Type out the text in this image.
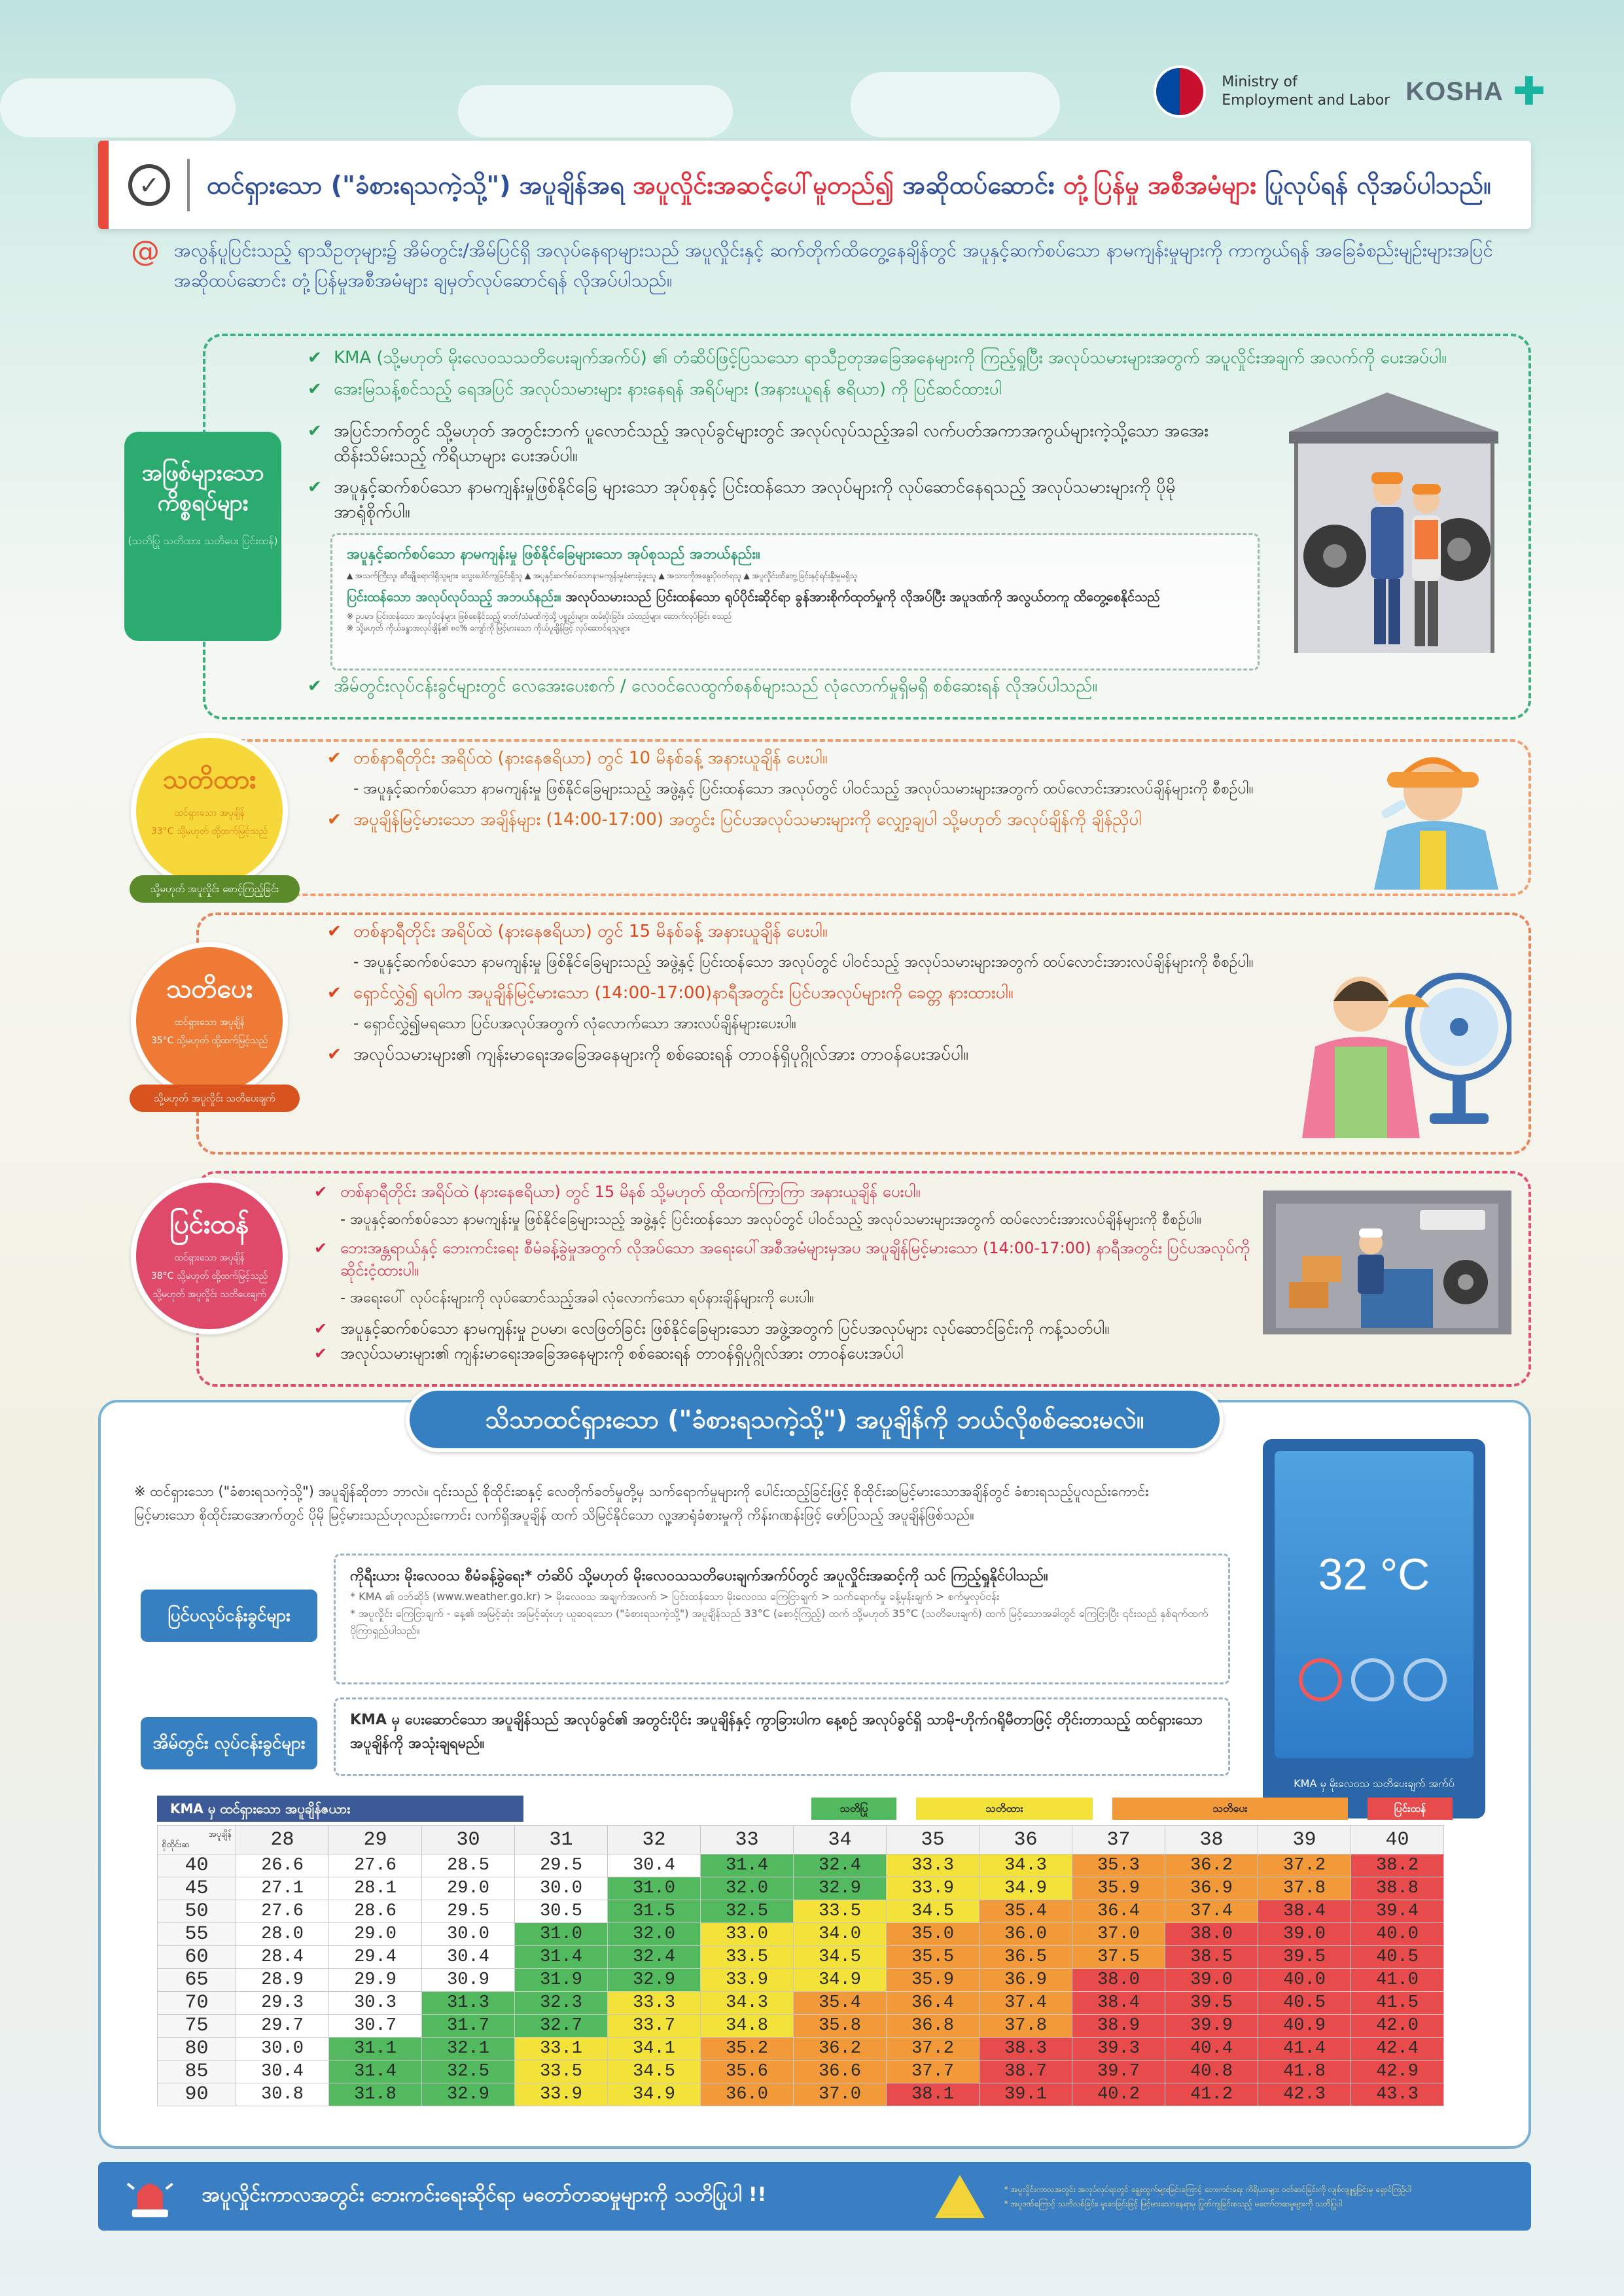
Ministry of
Employment and Labor KOSHA ✚
✓	ထင်ရှားသော ("ခံစားရသကဲ့သို့") အပူချိန်အရ အပူလှိုင်းအဆင့်ပေါ်မူတည်၍ အဆိုထပ်ဆောင်း တုံ့ပြန်မှု အစီအမံများ ပြုလုပ်ရန် လိုအပ်ပါသည်။
@ အလွန်ပူပြင်းသည့် ရာသီဥတုများ၌ အိမ်တွင်း/အိမ်ပြင်ရှိ အလုပ်နေရာများသည် အပူလှိုင်းနှင့် ဆက်တိုက်ထိတွေ့နေချိန်တွင် အပူနှင့်ဆက်စပ်သော နာမကျန်းမှုများကို ကာကွယ်ရန် အခြေခံစည်းမျဉ်းများအပြင် အဆိုထပ်ဆောင်း တုံ့ပြန်မှုအစီအမံများ ချမှတ်လုပ်ဆောင်ရန် လိုအပ်ပါသည်။
အဖြစ်များသော ကိစ္စရပ်များ
(သတိပြု သတိထား သတိပေး ပြင်းထန်)
✔ KMA (သို့မဟုတ် မိုးလေဝသသတိပေးချက်အက်ပ်) ၏ တံဆိပ်ဖြင့်ပြသသော ရာသီဥတုအခြေအနေများကို ကြည့်ရှုပြီး အလုပ်သမားများအတွက် အပူလှိုင်းအချက် အလက်ကို ပေးအပ်ပါ။
✔ အေးမြသန့်စင်သည့် ရေအပြင် အလုပ်သမားများ နားနေရန် အရိပ်များ (အနားယူရန် ဧရိယာ) ကို ပြင်ဆင်ထားပါ
✔ အပြင်ဘက်တွင် သို့မဟုတ် အတွင်းဘက် ပူလောင်သည့် အလုပ်ခွင်များတွင် အလုပ်လုပ်သည့်အခါ လက်ပတ်အကာအကွယ်များကဲ့သို့သော အအေးထိန်းသိမ်းသည့် ကိရိယာများ ပေးအပ်ပါ။
✔ အပူနှင့်ဆက်စပ်သော နာမကျန်းမှုဖြစ်နိုင်ခြေ များသော အုပ်စုနှင့် ပြင်းထန်သော အလုပ်များကို လုပ်ဆောင်နေရသည့် အလုပ်သမားများကို ပိုမိုအာရုံစိုက်ပါ။
အပူနှင့်ဆက်စပ်သော နာမကျန်းမှု ဖြစ်နိုင်ခြေများသော အုပ်စုသည် အဘယ်နည်း။
▲ အသက်ကြီးသူ၊ ဆီးချိုရောဂါရှိသူများ၊ သွေးပေါင်ကျခြင်းရှိသူ ▲ အပူနှင့်ဆက်စပ်သောနာမကျန်းမှုခံစားခဲ့ဖူးသူ ▲ အသားကိုအနွေးပိုဝတ်ရသူ ▲ အပူလှိုင်းထိတွေ့ခြင်းနှင့်ရင်းနှီးမှုမရှိသူ
ပြင်းထန်သော အလုပ်လုပ်သည့် အဘယ်နည်း။ အလုပ်သမားသည် ပြင်းထန်သော ရုပ်ပိုင်းဆိုင်ရာ ခွန်အားစိုက်ထုတ်မှုကို လိုအပ်ပြီး အပူဒဏ်ကို အလွယ်တကူ ထိတွေ့စေနိုင်သည်
※ ဥပမာ၊ ပြင်းထန်သော အလုပ်ဝန်များ ဖြစ်စေနိုင်သည့် ဓာတ်/သံမဏိကဲ့သို့ ပစ္စည်းများ ထမ်းပိုးခြင်း၊ သံထည်များ ဆောက်လုပ်ခြင်း စသည်
※ သို့မဟုတ် ကိုယ်ခန္ဓာအလုပ်ချိန်၏ ၈၀% ကျော်ကို မြင့်မားသော ကိုယ်ပူချိန်ဖြင့် လုပ်ဆောင်ရသူများ
✔ အိမ်တွင်းလုပ်ငန်းခွင်များတွင် လေအေးပေးစက် / လေဝင်လေထွက်စနစ်များသည် လုံလောက်မှုရှိမရှိ စစ်ဆေးရန် လိုအပ်ပါသည်။
သတိထား
ထင်ရှားသော အပူချိန်
33°C သို့မဟုတ် ထို့ထက်မြင့်သည်
သို့မဟုတ် အပူလှိုင်း စောင့်ကြည့်ခြင်း
✔ တစ်နာရီတိုင်း အရိပ်ထဲ (နားနေဧရိယာ) တွင် 10 မိနစ်ခန့် အနားယူချိန် ပေးပါ။
- အပူနှင့်ဆက်စပ်သော နာမကျန်းမှု ဖြစ်နိုင်ခြေများသည့် အဖွဲ့နှင့် ပြင်းထန်သော အလုပ်တွင် ပါဝင်သည့် အလုပ်သမားများအတွက် ထပ်လောင်းအားလပ်ချိန်များကို စီစဉ်ပါ။
✔ အပူချိန်မြင့်မားသော အချိန်များ (14:00-17:00) အတွင်း ပြင်ပအလုပ်သမားများကို လျှော့ချပါ သို့မဟုတ် အလုပ်ချိန်ကို ချိန်ညှိပါ
သတိပေး
ထင်ရှားသော အပူချိန်
35°C သို့မဟုတ် ထို့ထက်မြင့်သည်
သို့မဟုတ် အပူလှိုင်း သတိပေးချက်
✔ တစ်နာရီတိုင်း အရိပ်ထဲ (နားနေဧရိယာ) တွင် 15 မိနစ်ခန့် အနားယူချိန် ပေးပါ။
- အပူနှင့်ဆက်စပ်သော နာမကျန်းမှု ဖြစ်နိုင်ခြေများသည့် အဖွဲ့နှင့် ပြင်းထန်သော အလုပ်တွင် ပါဝင်သည့် အလုပ်သမားများအတွက် ထပ်လောင်းအားလပ်ချိန်များကို စီစဉ်ပါ။
✔ ရှောင်လွှဲ၍ ရပါက အပူချိန်မြင့်မားသော (14:00-17:00)နာရီအတွင်း ပြင်ပအလုပ်များကို ခေတ္တ နားထားပါ။
- ရှောင်လွှဲ၍မရသော ပြင်ပအလုပ်အတွက် လုံလောက်သော အားလပ်ချိန်များပေးပါ။
✔ အလုပ်သမားများ၏ ကျန်းမာရေးအခြေအနေများကို စစ်ဆေးရန် တာဝန်ရှိပုဂ္ဂိုလ်အား တာဝန်ပေးအပ်ပါ။
ပြင်းထန်
ထင်ရှားသော အပူချိန်
38°C သို့မဟုတ် ထို့ထက်မြင့်သည်
သို့မဟုတ် အပူလှိုင်း သတိပေးချက်
✔ တစ်နာရီတိုင်း အရိပ်ထဲ (နားနေဧရိယာ) တွင် 15 မိနစ် သို့မဟုတ် ထိုထက်ကြာကြာ အနားယူချိန် ပေးပါ။
- အပူနှင့်ဆက်စပ်သော နာမကျန်းမှု ဖြစ်နိုင်ခြေများသည့် အဖွဲ့နှင့် ပြင်းထန်သော အလုပ်တွင် ပါဝင်သည့် အလုပ်သမားများအတွက် ထပ်လောင်းအားလပ်ချိန်များကို စီစဉ်ပါ။
✔ ဘေးအန္တရာယ်နှင့် ဘေးကင်းရေး စီမံခန့်ခွဲမှုအတွက် လိုအပ်သော အရေးပေါ်အစီအမံများမှအပ အပူချိန်မြင့်မားသော (14:00-17:00) နာရီအတွင်း ပြင်ပအလုပ်ကို ဆိုင်းငံ့ထားပါ။
- အရေးပေါ် လုပ်ငန်းများကို လုပ်ဆောင်သည့်အခါ လုံလောက်သော ရပ်နားချိန်များကို ပေးပါ။
✔ အပူနှင့်ဆက်စပ်သော နာမကျန်းမှု ဥပမာ၊ လေဖြတ်ခြင်း ဖြစ်နိုင်ခြေများသော အဖွဲ့အတွက် ပြင်ပအလုပ်များ လုပ်ဆောင်ခြင်းကို ကန့်သတ်ပါ။
✔ အလုပ်သမားများ၏ ကျန်းမာရေးအခြေအနေများကို စစ်ဆေးရန် တာဝန်ရှိပုဂ္ဂိုလ်အား တာဝန်ပေးအပ်ပါ
သိသာထင်ရှားသော ("ခံစားရသကဲ့သို့") အပူချိန်ကို ဘယ်လိုစစ်ဆေးမလဲ။
※ ထင်ရှားသော ("ခံစားရသကဲ့သို့") အပူချိန်ဆိုတာ ဘာလဲ။ ၎င်းသည် စိုထိုင်းဆနှင့် လေတိုက်ခတ်မှုတို့မှ သက်ရောက်မှုများကို ပေါင်းထည့်ခြင်းဖြင့် စိုထိုင်းဆမြင့်မားသောအချိန်တွင် ခံစားရသည့်ပူလည်းကောင်း မြင့်မားသော စိုထိုင်းဆအောက်တွင် ပိုမို မြင့်မားသည်ဟုလည်းကောင်း လက်ရှိအပူချိန် ထက် သိမြင်နိုင်သော လူ့အာရုံခံစားမှုကို ကိန်းဂဏန်းဖြင့် ဖော်ပြသည့် အပူချိန်ဖြစ်သည်။
ပြင်ပလုပ်ငန်းခွင်များ
ကိုရီးယား မိုးလေဝသ စီမံခန့်ခွဲရေး* တံဆိပ် သို့မဟုတ် မိုးလေဝသသတိပေးချက်အက်ပ်တွင် အပူလှိုင်းအဆင့်ကို သင် ကြည့်ရှုနိုင်ပါသည်။
* KMA ၏ ဝဘ်ဆိုဒ် (www.weather.go.kr) > မိုးလေဝသ အချက်အလက် > ပြင်းထန်သော မိုးလေဝသ ကြေငြာချက် > သက်ရောက်မှု ခန့်မှန်းချက် > စက်မှုလုပ်ငန်း
* အပူလှိုင်း ကြေငြာချက် - နေ့၏ အမြင့်ဆုံး အမြင့်ဆုံးဟု ယူဆရသော ("ခံစားရသကဲ့သို့") အပူချိန်သည် 33°C (စောင့်ကြည့်) ထက် သို့မဟုတ် 35°C (သတိပေးချက်) ထက် မြင့်သောအခါတွင် ကြေငြာပြီး ၎င်းသည် နှစ်ရက်ထက် ပိုကြာရှည်ပါသည်။
အိမ်တွင်း လုပ်ငန်းခွင်များ
KMA မှ ပေးဆောင်သော အပူချိန်သည် အလုပ်ခွင်၏ အတွင်းပိုင်း အပူချိန်နှင့် ကွာခြားပါက နေ့စဉ် အလုပ်ခွင်ရှိ သာမို-ဟိုက်ဂရိုမီတာဖြင့် တိုင်းတာသည့် ထင်ရှားသော အပူချိန်ကို အသုံးချရမည်။
32 °C
KMA မှ မိုးလေဝသ သတိပေးချက် အက်ပ်
KMA မှ ထင်ရှားသော အပူချိန်ဇယား	သတိပြု	သတိထား	သတိပေး	ပြင်းထန်
အပူချိန်
စိုထိုင်းဆ	28	29	30	31	32	33	34	35	36	37	38	39	40
40	26.6	27.6	28.5	29.5	30.4	31.4	32.4	33.3	34.3	35.3	36.2	37.2	38.2
45	27.1	28.1	29.0	30.0	31.0	32.0	32.9	33.9	34.9	35.9	36.9	37.8	38.8
50	27.6	28.6	29.5	30.5	31.5	32.5	33.5	34.5	35.4	36.4	37.4	38.4	39.4
55	28.0	29.0	30.0	31.0	32.0	33.0	34.0	35.0	36.0	37.0	38.0	39.0	40.0
60	28.4	29.4	30.4	31.4	32.4	33.5	34.5	35.5	36.5	37.5	38.5	39.5	40.5
65	28.9	29.9	30.9	31.9	32.9	33.9	34.9	35.9	36.9	38.0	39.0	40.0	41.0
70	29.3	30.3	31.3	32.3	33.3	34.3	35.4	36.4	37.4	38.4	39.5	40.5	41.5
75	29.7	30.7	31.7	32.7	33.7	34.8	35.8	36.8	37.8	38.9	39.9	40.9	42.0
80	30.0	31.1	32.1	33.1	34.1	35.2	36.2	37.2	38.3	39.3	40.4	41.4	42.4
85	30.4	31.4	32.5	33.5	34.5	35.6	36.6	37.7	38.7	39.7	40.8	41.8	42.9
90	30.8	31.8	32.9	33.9	34.9	36.0	37.0	38.1	39.1	40.2	41.2	42.3	43.3
အပူလှိုင်းကာလအတွင်း ဘေးကင်းရေးဆိုင်ရာ မတော်တဆမှုများကို သတိပြုပါ !!	* အပူလှိုင်းကာလအတွင်း အလုပ်လုပ်ရာတွင် ချွေးထွက်များခြင်းကြောင့် ဘေးကင်းရေး ကိရိယာများ ဝတ်ဆင်ခြင်းကို လျစ်လျူရှုခြင်းမှ ရှောင်ကြဉ်ပါ
* အပူဒဏ်ကြောင့် သတိလစ်ခြင်း၊ မူးဝေခြင်းဖြင့် မြင့်မားသောနေရာမှ ပြုတ်ကျခြင်းစသည့် မတော်တဆမှုများကို သတိပြုပါ
